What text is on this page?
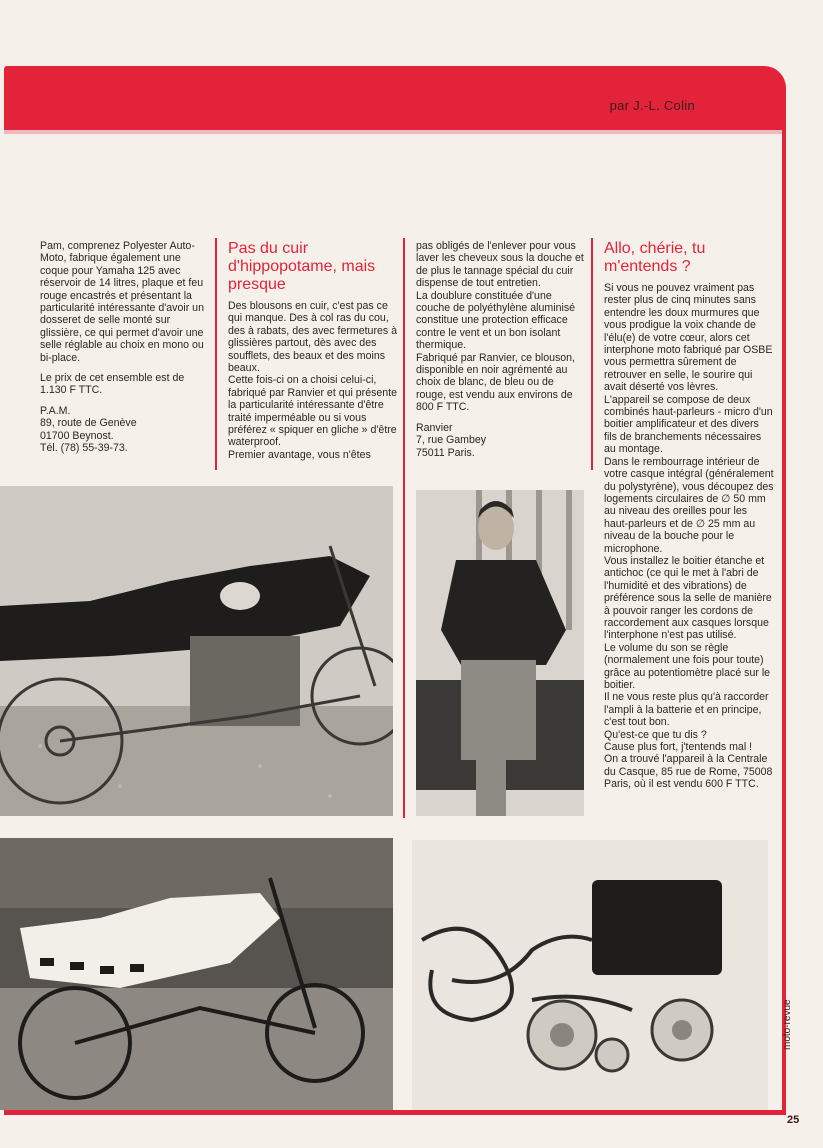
par J.-L. Colin

Pam, comprenez Polyester Auto-Moto, fabrique également une coque pour Yamaha 125 avec réservoir de 14 litres, plaque et feu rouge encastrés et présentant la particularité intéressante d'avoir un dosseret de selle monté sur glissière, ce qui permet d'avoir une selle réglable au choix en mono ou bi-place.

Le prix de cet ensemble est de 1.130 F TTC.

P.A.M.

89, route de Genève

01700 Beynost.

Tél. (78) 55-39-73.

Pas du cuir d'hippopotame, mais presque

Des blousons en cuir, c'est pas ce qui manque. Des à col ras du cou, des à rabats, des avec fermetures à glissières partout, dès avec des soufflets, des beaux et des moins beaux.

Cette fois-ci on a choisi celui-ci, fabriqué par Ranvier et qui présente la particularité intéressante d'être traité imperméable ou si vous préférez « spiquer en gliche » d'être waterproof.

Premier avantage, vous n'êtes

pas obligés de l'enlever pour vous laver les cheveux sous la douche et de plus le tannage spécial du cuir dispense de tout entretien.

La doublure constituée d'une couche de polyéthylène aluminisé constitue une protection efficace contre le vent et un bon isolant thermique.

Fabriqué par Ranvier, ce blouson, disponible en noir agrémenté au choix de blanc, de bleu ou de rouge, est vendu aux environs de 800 F TTC.

Ranvier

7, rue Gambey

75011 Paris.

Allo, chérie, tu m'entends ?

Si vous ne pouvez vraiment pas rester plus de cinq minutes sans entendre les doux murmures que vous prodigue la voix chande de l'élu(e) de votre cœur, alors cet interphone moto fabriqué par OSBE vous permettra sûrement de retrouver en selle, le sourire qui avait déserté vos lèvres.

L'appareil se compose de deux combinés haut-parleurs - micro d'un boitier amplificateur et des divers fils de branchements nécessaires au montage.

Dans le rembourrage intérieur de votre casque intégral (généralement du polystyrène), vous découpez des logements circulaires de ∅ 50 mm au niveau des oreilles pour les haut-parleurs et de ∅ 25 mm au niveau de la bouche pour le microphone.

Vous installez le boitier étanche et antichoc (ce qui le met à l'abri de l'humidité et des vibrations) de préférence sous la selle de manière à pouvoir ranger les cordons de raccordement aux casques lorsque l'interphone n'est pas utilisé.

Le volume du son se règle (normalement une fois pour toute) grâce au potentiomètre placé sur le boitier.

Il ne vous reste plus qu'à raccorder l'ampli à la batterie et en principe, c'est tout bon.

Qu'est-ce que tu dis ?

Cause plus fort, j'tentends mal !

On a trouvé l'appareil à la Centrale du Casque, 85 rue de Rome, 75008 Paris, où il est vendu 600 F TTC.

moto-revue
25
